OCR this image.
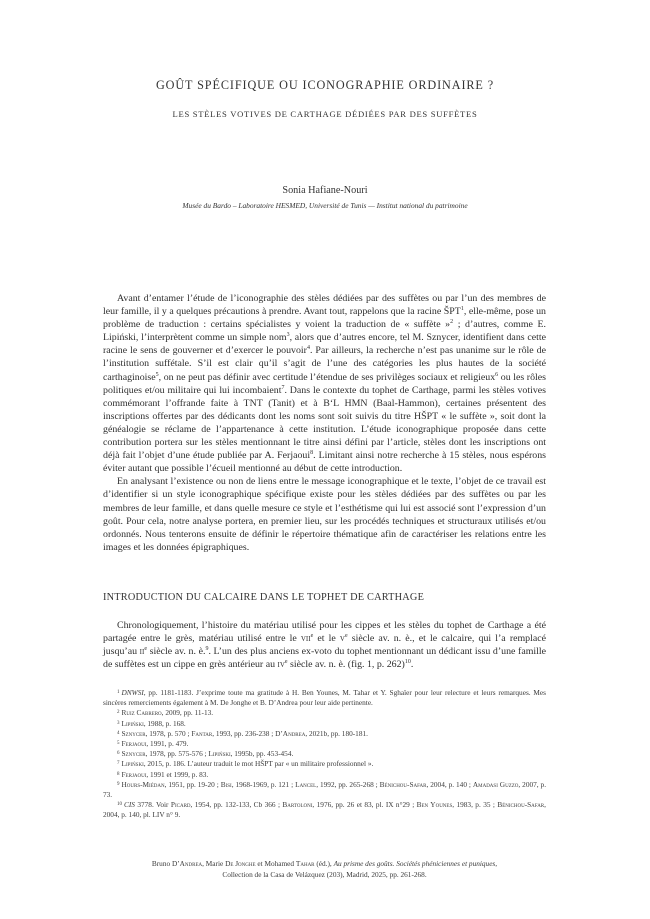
GOÛT SPÉCIFIQUE OU ICONOGRAPHIE ORDINAIRE ?
LES STÈLES VOTIVES DE CARTHAGE DÉDIÉES PAR DES SUFFÈTES
Sonia Hafiane-Nouri
Musée du Bardo – Laboratoire HESMED, Université de Tunis — Institut national du patrimoine

Avant d’entamer l’étude de l’iconographie des stèles dédiées par des suffètes ou par l’un des membres de leur famille, il y a quelques précautions à prendre. Avant tout, rappelons que la racine ŠPT$^1$, elle-même, pose un problème de traduction : certains spécialistes y voient la traduction de « suffète »$^2$ ; d’autres, comme E. Lipiński, l’interprètent comme un simple nom$^3$, alors que d’autres encore, tel M. Sznycer, identifient dans cette racine le sens de gouverner et d’exercer le pouvoir$^4$. Par ailleurs, la recherche n’est pas unanime sur le rôle de l’institution suffétale. S’il est clair qu’il s’agit de l’une des catégories les plus hautes de la société carthaginoise$^5$, on ne peut pas définir avec certitude l’étendue de ses privilèges sociaux et religieux$^6$ ou les rôles politiques et/ou militaire qui lui incombaient$^7$. Dans le contexte du tophet de Carthage, parmi les stèles votives commémorant l’offrande faite à TNT (Tanit) et à B‘L HMN (Baal-Hammon), certaines présentent des inscriptions offertes par des dédicants dont les noms sont soit suivis du titre HŠPT « le suffète », soit dont la généalogie se réclame de l’appartenance à cette institution. L’étude iconographique proposée dans cette contribution portera sur les stèles mentionnant le titre ainsi défini par l’article, stèles dont les inscriptions ont déjà fait l’objet d’une étude publiée par A. Ferjaoui$^8$. Limitant ainsi notre recherche à 15 stèles, nous espérons éviter autant que possible l’écueil mentionné au début de cette introduction.

En analysant l’existence ou non de liens entre le message iconographique et le texte, l’objet de ce travail est d’identifier si un style iconographique spécifique existe pour les stèles dédiées par des suffètes ou par les membres de leur famille, et dans quelle mesure ce style et l’esthétisme qui lui est associé sont l’expression d’un goût. Pour cela, notre analyse portera, en premier lieu, sur les procédés techniques et structuraux utilisés et/ou ordonnés. Nous tenterons ensuite de définir le répertoire thématique afin de caractériser les relations entre les images et les données épigraphiques.

INTRODUCTION DU CALCAIRE DANS LE TOPHET DE CARTHAGE

Chronologiquement, l’histoire du matériau utilisé pour les cippes et les stèles du tophet de Carthage a été partagée entre le grès, matériau utilisé entre le vii$^e$ et le $v^e$ siècle av. n. è., et le calcaire, qui l’a remplacé jusqu’au $ii^e$ siècle av. n. è.$^9$. L’un des plus anciens ex-voto du tophet mentionnant un dédicant issu d’une famille de suffètes est un cippe en grès antérieur au $iv^e$ siècle av. n. è. (fig. 1, p. 262)$^{10}$.

$^1$ DNWSI, pp. 1181-1183. J’exprime toute ma gratitude à H. Ben Younes, M. Tahar et Y. Sghaïer pour leur relecture et leurs remarques. Mes sincères remerciements également à M. De Jonghe et B. D’Andrea pour leur aide pertinente.

$^2$ Ruiz Cabrero, 2009, pp. 11-13.

$^3$ Lipiński, 1988, p. 168.

$^4$ Sznycer, 1978, p. 570 ; Fantar, 1993, pp. 236-238 ; D’Andrea, 2021b, pp. 180-181.

$^5$ Ferjaoui, 1991, p. 479.

$^6$ Sznycer, 1978, pp. 575-576 ; Lipiński, 1995b, pp. 453-454.

$^7$ Lipiński, 2015, p. 186. L’auteur traduit le mot HŠPT par « un militaire professionnel ».

$^8$ Ferjaoui, 1991 et 1999, p. 83.

$^9$ Hours-Miédan, 1951, pp. 19-20 ; Bisi, 1968-1969, p. 121 ; Lancel, 1992, pp. 265-268 ; Bénichou-Safar, 2004, p. 140 ; Amadasi Guzzo, 2007, p. 73.

$^{10}$ CIS 3778. Voir Picard, 1954, pp. 132-133, Cb 366 ; Bartoloni, 1976, pp. 26 et 83, pl. IX n°29 ; Ben Younes, 1983, p. 35 ; Bénichou-Safar, 2004, p. 140, pl. LIV n° 9.

Bruno D’Andrea, Marie De Jonghe et Mohamed Tahar (éd.), Au prisme des goûts. Sociétés phéniciennes et puniques,
Collection de la Casa de Velázquez (203), Madrid, 2025, pp. 261-268.
